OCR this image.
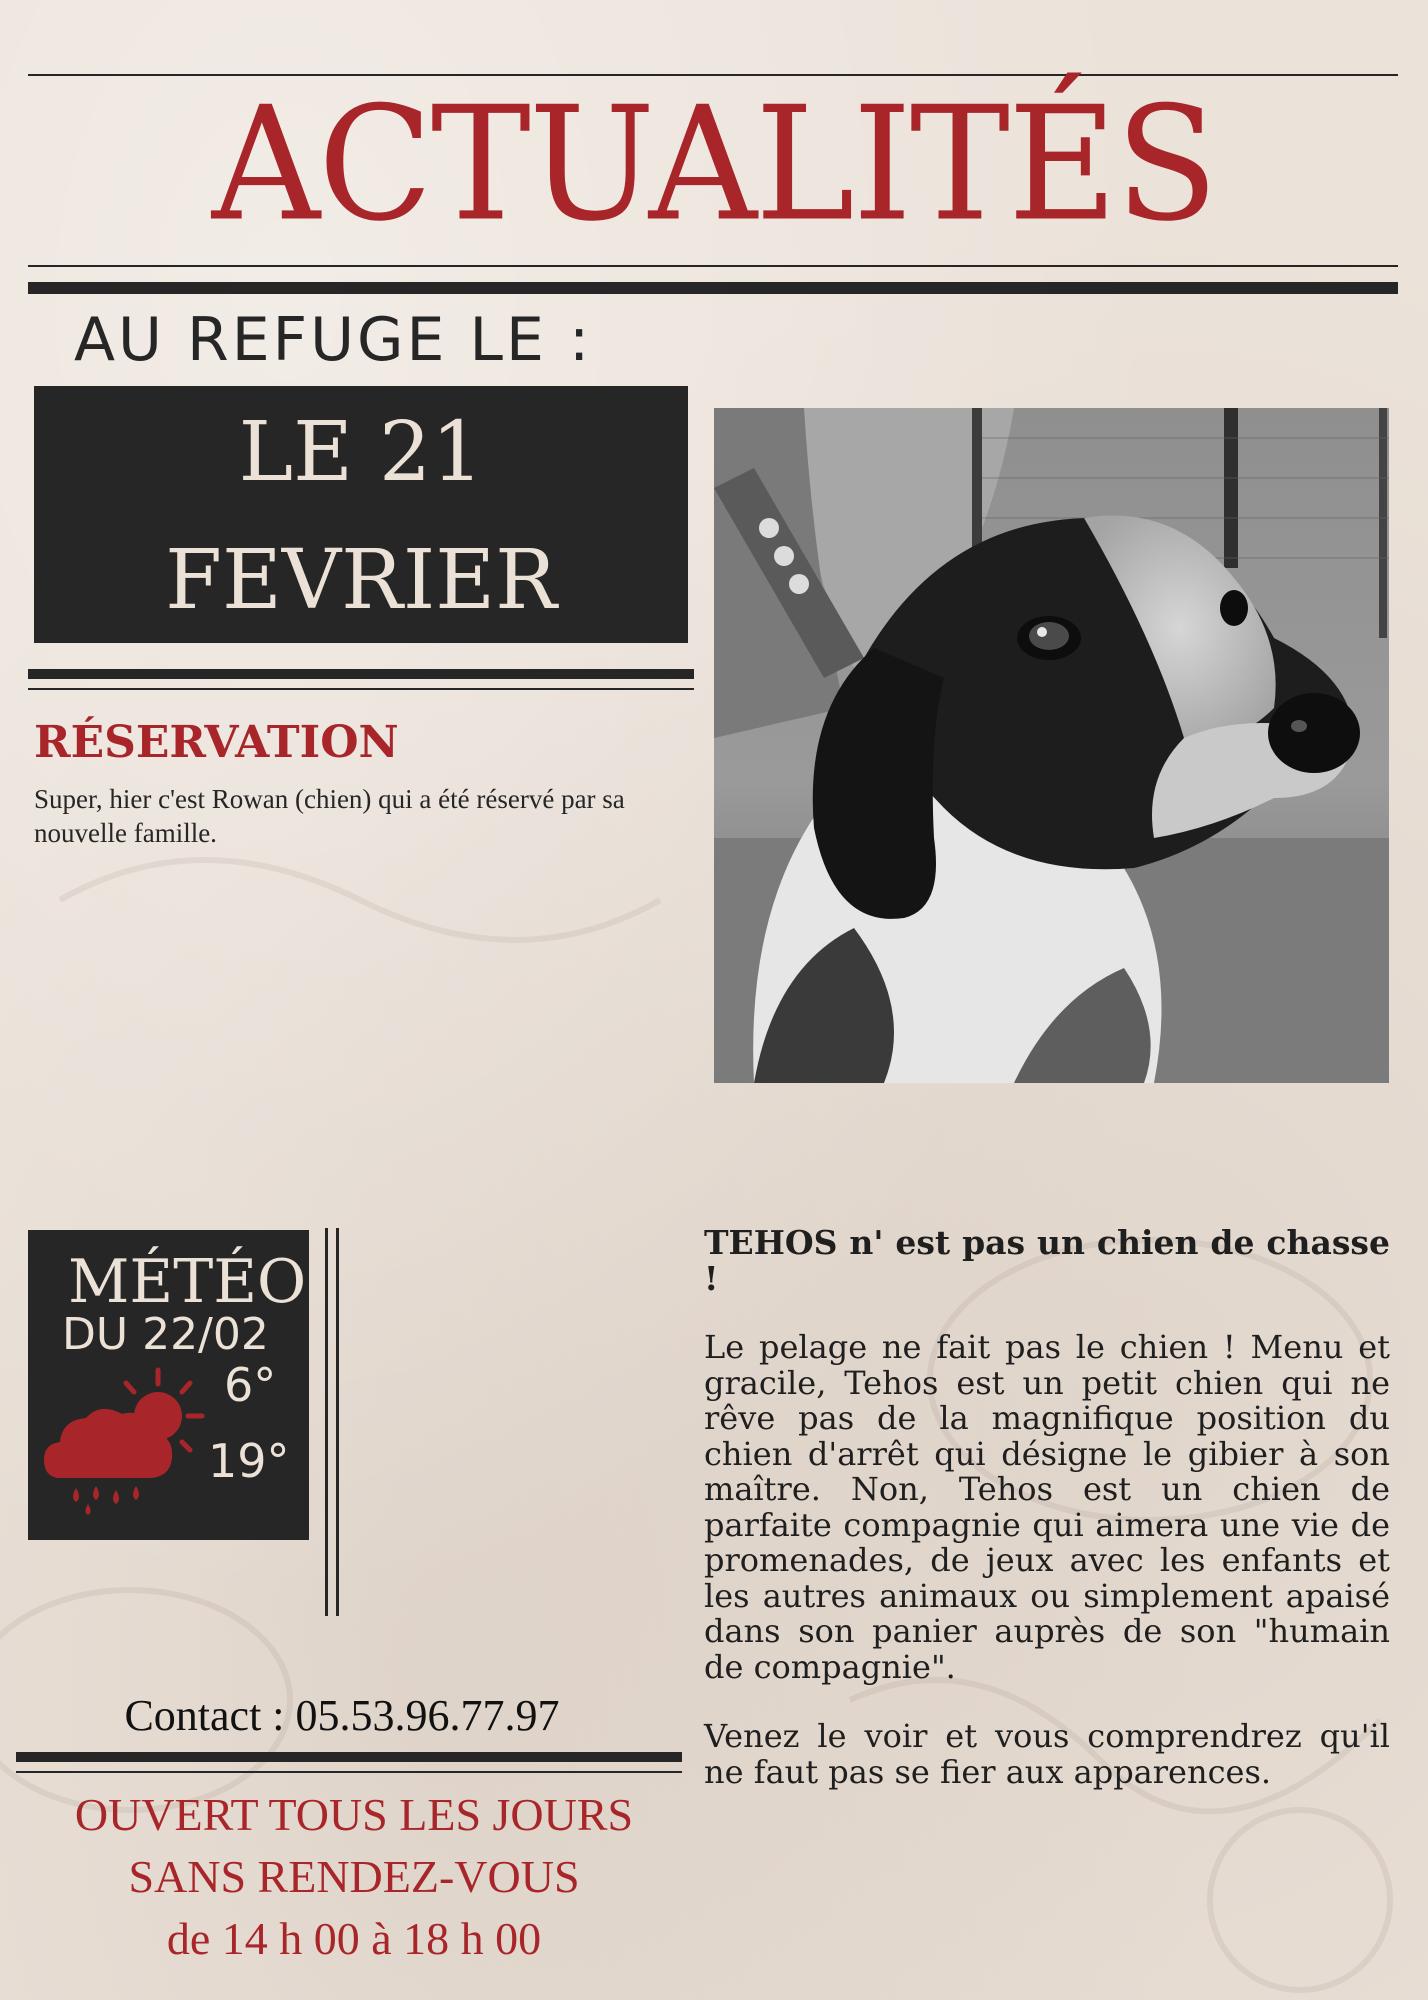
ACTUALITÉS
AU REFUGE LE :
LE 21
FEVRIER
RÉSERVATION
Super, hier c'est Rowan (chien) qui a été réservé par sa nouvelle famille.
MÉTÉO
DU 22/02
6°
19°
TEHOS n' est pas un chien de chasse !

Le pelage ne fait pas le chien ! Menu et gracile, Tehos est un petit chien qui ne rêve pas de la magnifique position du chien d'arrêt qui désigne le gibier à son maître. Non, Tehos est un chien de parfaite compagnie qui aimera une vie de promenades, de jeux avec les enfants et les autres animaux ou simplement apaisé dans son panier auprès de son "humain de compagnie".

Venez le voir et vous comprendrez qu'il ne faut pas se fier aux apparences.

Contact : 05.53.96.77.97
OUVERT TOUS LES JOURS
SANS RENDEZ-VOUS
de 14 h 00 à 18 h 00
